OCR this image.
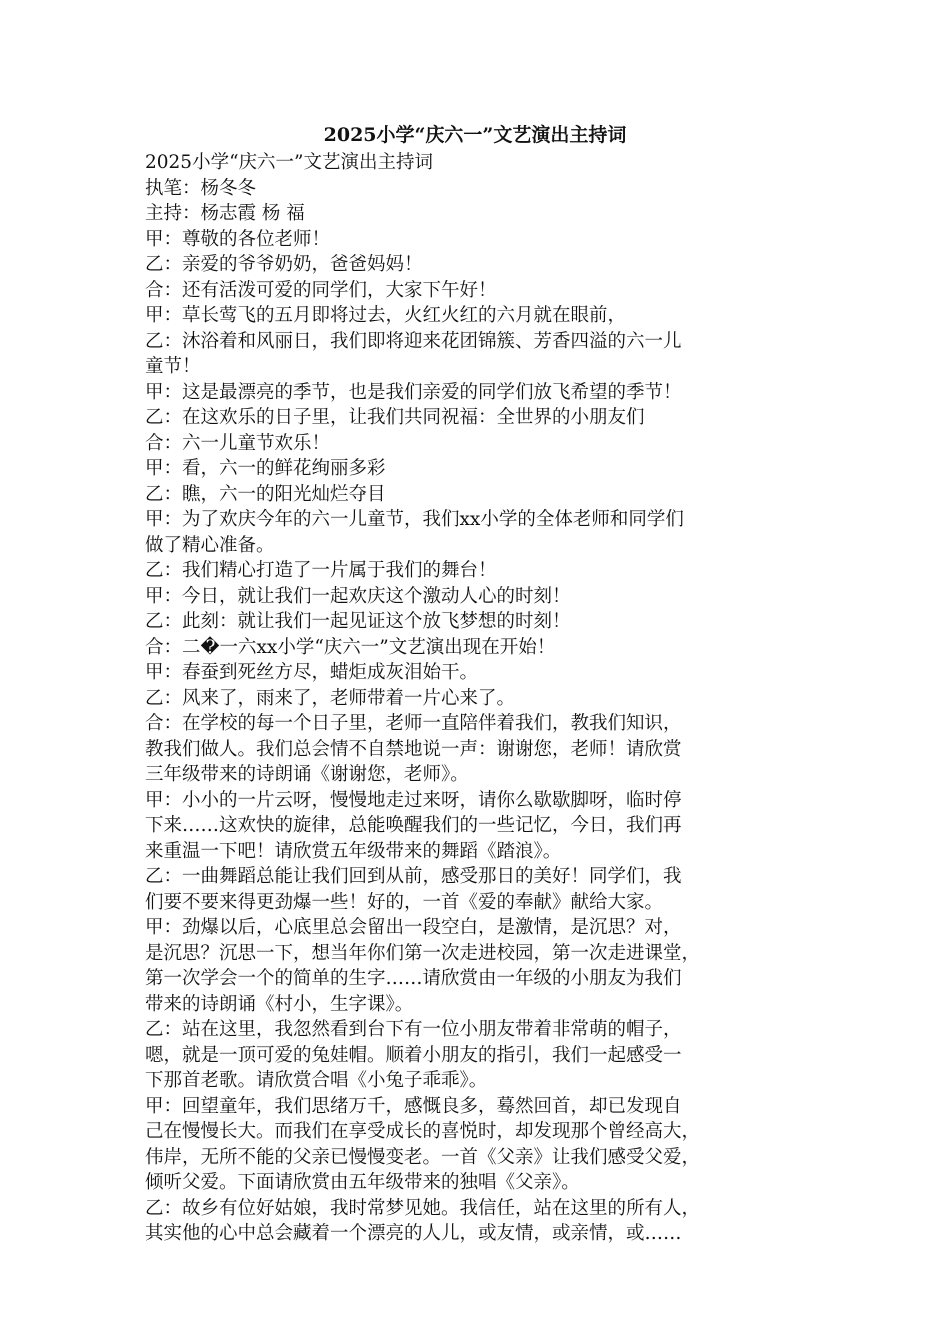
2025小学“庆六一”文艺演出主持词
2025小学“庆六一”文艺演出主持词
执笔：杨冬冬
主持：杨志霞 杨 福
甲：尊敬的各位老师！
乙：亲爱的爷爷奶奶，爸爸妈妈！
合：还有活泼可爱的同学们，大家下午好！
甲：草长莺飞的五月即将过去，火红火红的六月就在眼前，
乙：沐浴着和风丽日，我们即将迎来花团锦簇、芳香四溢的六一儿
童节！
甲：这是最漂亮的季节，也是我们亲爱的同学们放飞希望的季节！
乙：在这欢乐的日子里，让我们共同祝福：全世界的小朋友们
合：六一儿童节欢乐！
甲：看，六一的鲜花绚丽多彩
乙：瞧，六一的阳光灿烂夺目
甲：为了欢庆今年的六一儿童节，我们xx小学的全体老师和同学们
做了精心准备。
乙：我们精心打造了一片属于我们的舞台！
甲：今日，就让我们一起欢庆这个激动人心的时刻！
乙：此刻：就让我们一起见证这个放飞梦想的时刻！
合：二�一六xx小学“庆六一”文艺演出现在开始！
甲：春蚕到死丝方尽，蜡炬成灰泪始干。
乙：风来了，雨来了，老师带着一片心来了。
合：在学校的每一个日子里，老师一直陪伴着我们，教我们知识，
教我们做人。我们总会情不自禁地说一声：谢谢您，老师！请欣赏
三年级带来的诗朗诵《谢谢您，老师》。
甲：小小的一片云呀，慢慢地走过来呀，请你么歇歇脚呀，临时停
下来……这欢快的旋律，总能唤醒我们的一些记忆，今日，我们再
来重温一下吧！请欣赏五年级带来的舞蹈《踏浪》。
乙：一曲舞蹈总能让我们回到从前，感受那日的美好！同学们，我
们要不要来得更劲爆一些！好的，一首《爱的奉献》献给大家。
甲：劲爆以后，心底里总会留出一段空白，是激情，是沉思？对，
是沉思？沉思一下，想当年你们第一次走进校园，第一次走进课堂，
第一次学会一个的简单的生字……请欣赏由一年级的小朋友为我们
带来的诗朗诵《村小，生字课》。
乙：站在这里，我忽然看到台下有一位小朋友带着非常萌的帽子，
嗯，就是一顶可爱的兔娃帽。顺着小朋友的指引，我们一起感受一
下那首老歌。请欣赏合唱《小兔子乖乖》。
甲：回望童年，我们思绪万千，感慨良多，蓦然回首，却已发现自
己在慢慢长大。而我们在享受成长的喜悦时，却发现那个曾经高大，
伟岸，无所不能的父亲已慢慢变老。一首《父亲》让我们感受父爱，
倾听父爱。下面请欣赏由五年级带来的独唱《父亲》。
乙：故乡有位好姑娘，我时常梦见她。我信任，站在这里的所有人，
其实他的心中总会藏着一个漂亮的人儿，或友情，或亲情，或……
